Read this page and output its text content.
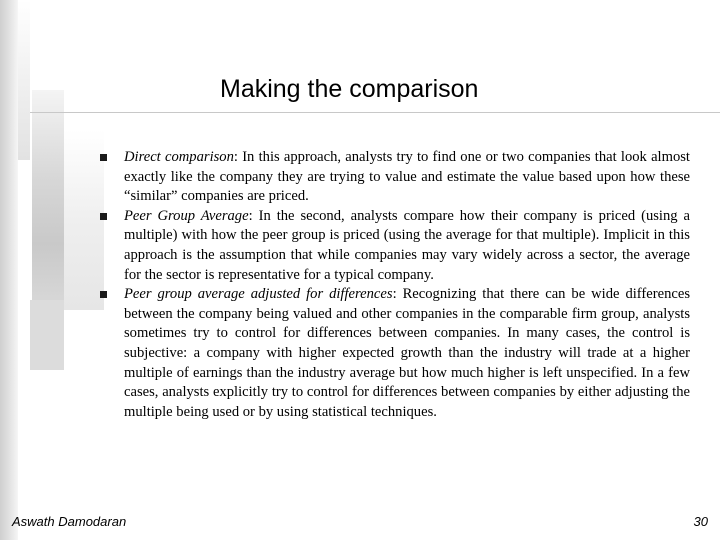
Making the comparison
Direct comparison: In this approach, analysts try to find one or two companies that look almost exactly like the company they are trying to value and estimate the value based upon how these “similar” companies are priced.
Peer Group Average: In the second, analysts compare how their company is priced (using a multiple) with how the peer group is priced (using the average for that multiple). Implicit in this approach is the assumption that while companies may vary widely across a sector, the average for the sector is representative for a typical company.
Peer group average adjusted for differences: Recognizing that there can be wide differences between the company being valued and other companies in the comparable firm group, analysts sometimes try to control for differences between companies. In many cases, the control is subjective: a company with higher expected growth than the industry will trade at a higher multiple of earnings than the industry average but how much higher is left unspecified. In a few cases, analysts explicitly try to control for differences between companies by either adjusting the multiple being used or by using statistical techniques.
Aswath Damodaran	30
